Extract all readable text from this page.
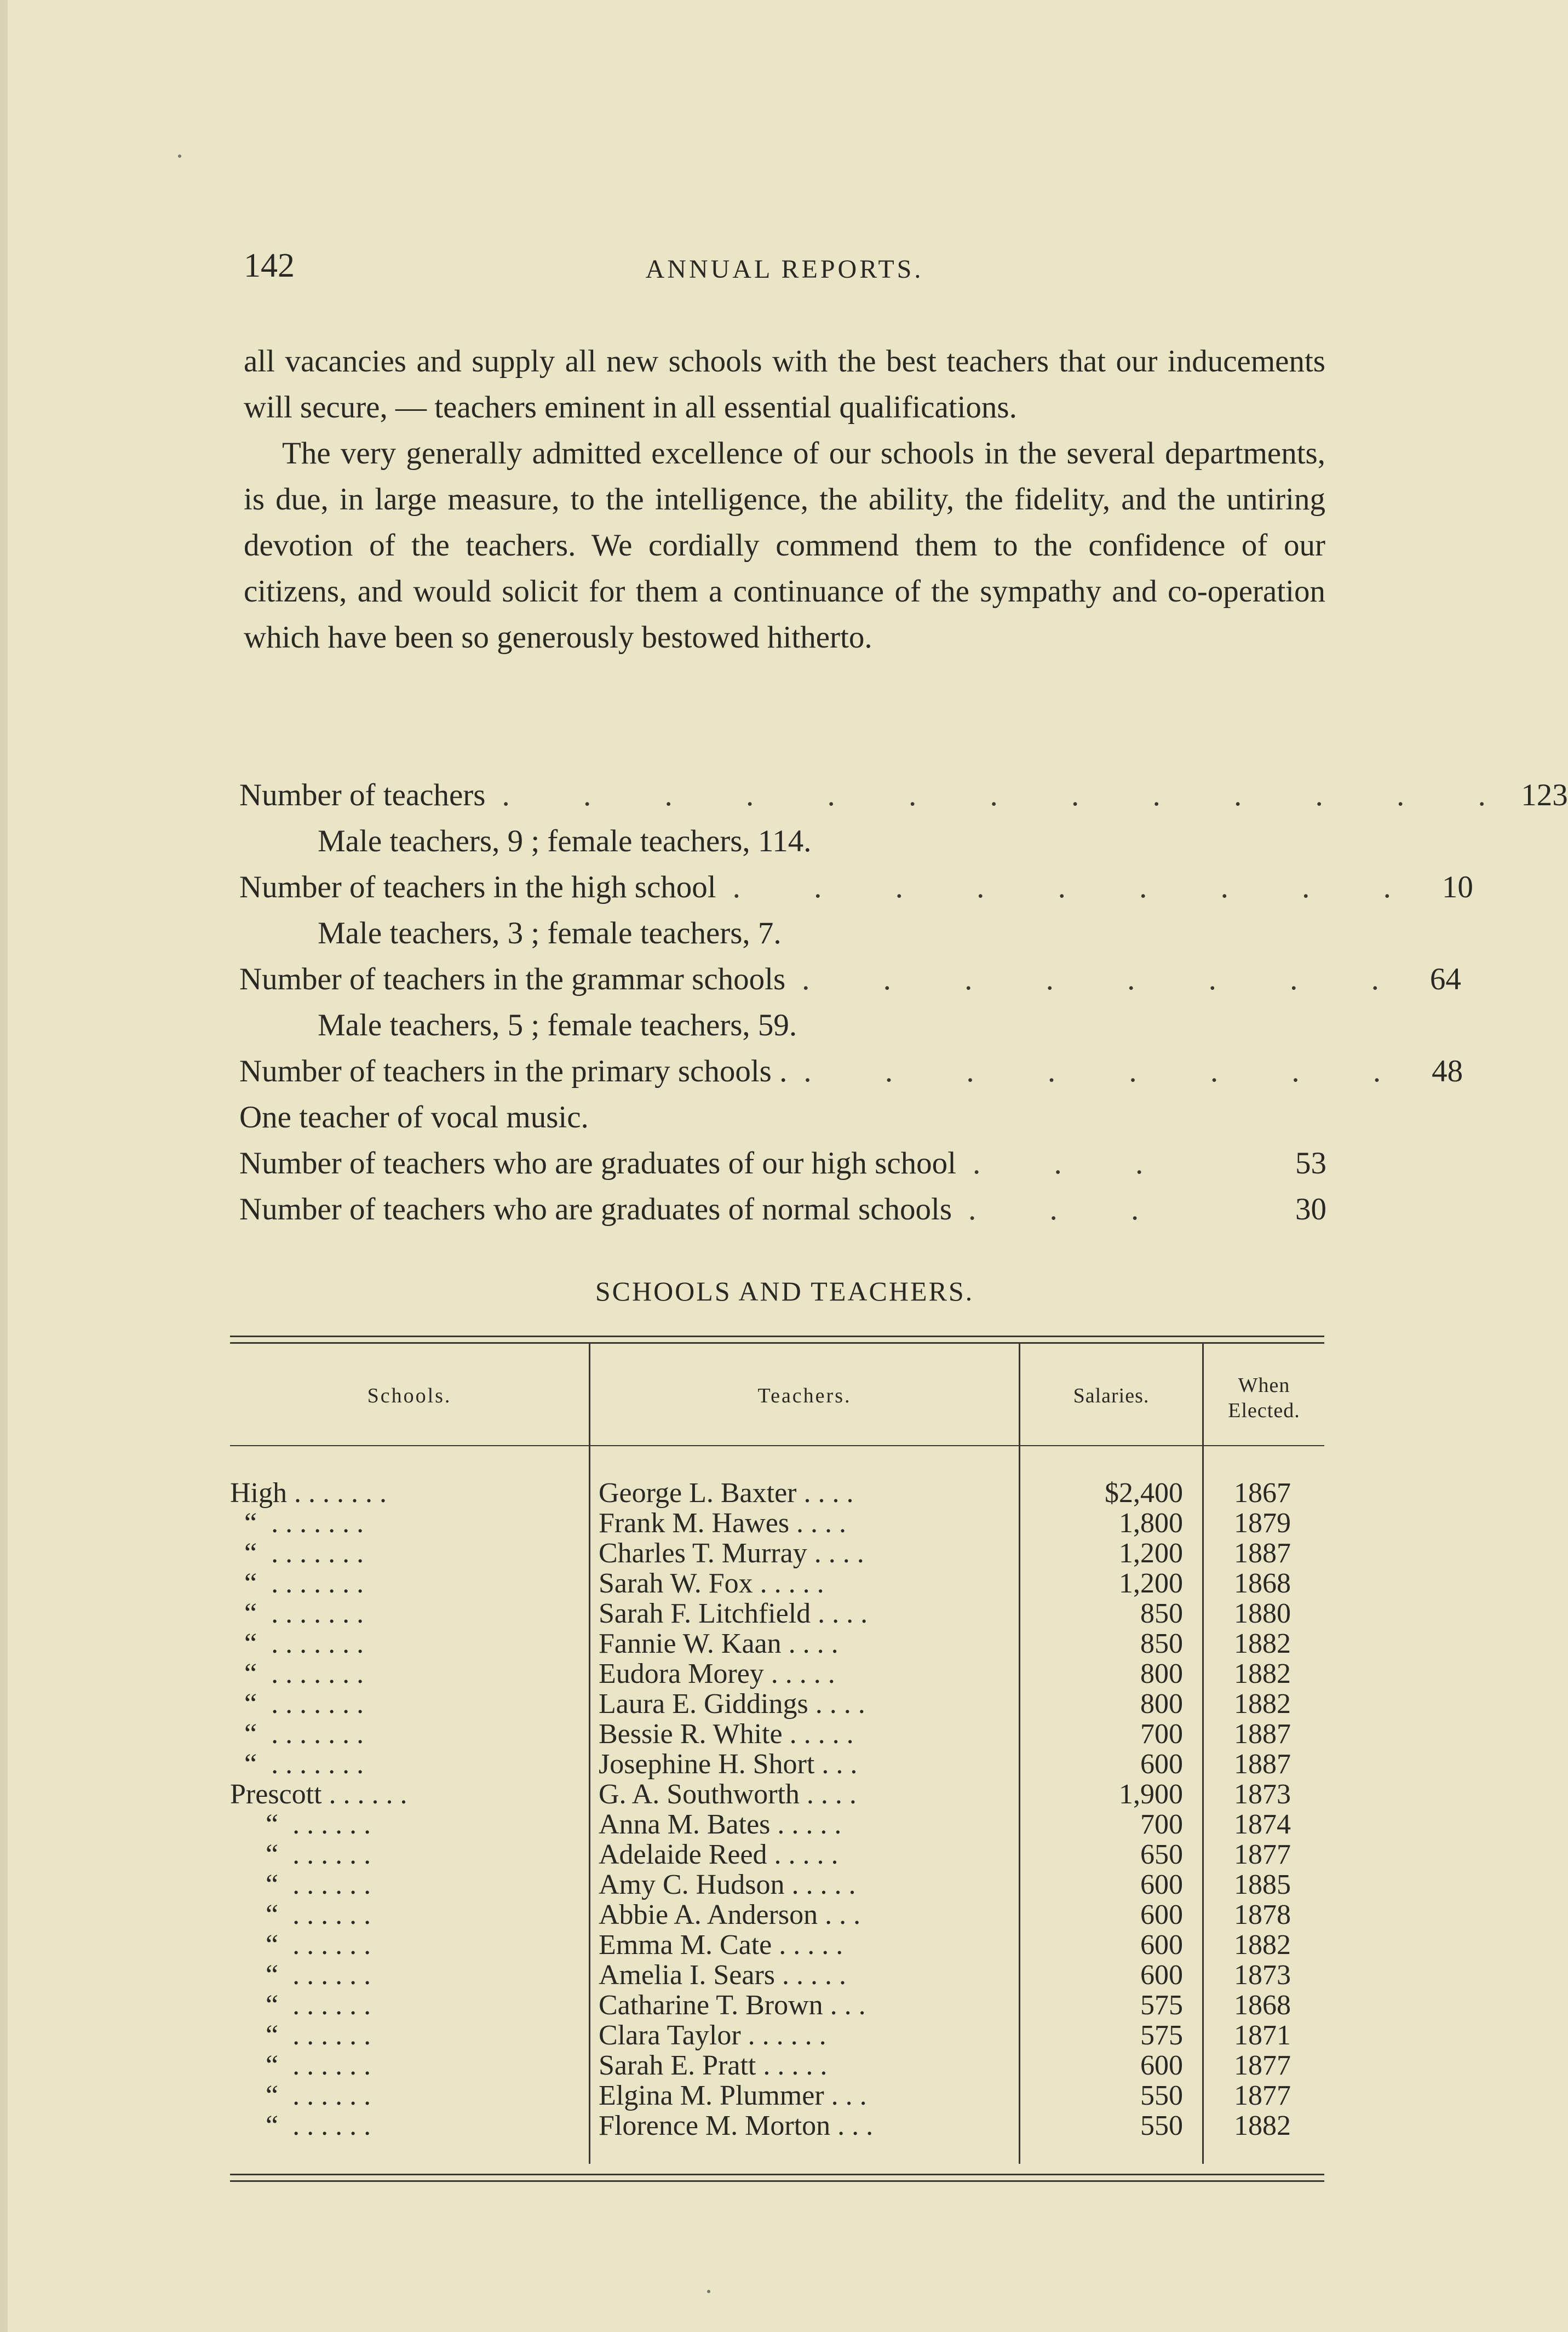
142	ANNUAL REPORTS.

all vacancies and supply all new schools with the best teachers that our inducements will secure, — teachers eminent in all essential qualifications.

The very generally admitted excellence of our schools in the several departments, is due, in large measure, to the intelligence, the ability, the fidelity, and the untiring devotion of the teachers. We cordially commend them to the confidence of our citizens, and would solicit for them a continuance of the sympathy and co-operation which have been so generously bestowed hitherto.

Number of teachers . . . . . . . . . . . . . 123
Male teachers, 9 ; female teachers, 114.
Number of teachers in the high school . . . . . . . . . 10
Male teachers, 3 ; female teachers, 7.
Number of teachers in the grammar schools . . . . . . . . 64
Male teachers, 5 ; female teachers, 59.
Number of teachers in the primary schools . . . . . . . . . 48
One teacher of vocal music.
Number of teachers who are graduates of our high school . . .	53
Number of teachers who are graduates of normal schools . . .	30
SCHOOLS AND TEACHERS.
Schools.	Teachers.	Salaries.	When
Elected.
High . . . . . . .	George L. Baxter . . . .	$2,400	1867
“  . . . . . . .	Frank M. Hawes . . . .	1,800	1879
“  . . . . . . .	Charles T. Murray . . . .	1,200	1887
“  . . . . . . .	Sarah W. Fox . . . . .	1,200	1868
“  . . . . . . .	Sarah F. Litchfield . . . .	850	1880
“  . . . . . . .	Fannie W. Kaan . . . .	850	1882
“  . . . . . . .	Eudora Morey . . . . .	800	1882
“  . . . . . . .	Laura E. Giddings . . . .	800	1882
“  . . . . . . .	Bessie R. White . . . . .	700	1887
“  . . . . . . .	Josephine H. Short . . .	600	1887
Prescott . . . . . .	G. A. Southworth . . . .	1,900	1873
“  . . . . . .	Anna M. Bates . . . . .	700	1874
“  . . . . . .	Adelaide Reed . . . . .	650	1877
“  . . . . . .	Amy C. Hudson . . . . .	600	1885
“  . . . . . .	Abbie A. Anderson . . .	600	1878
“  . . . . . .	Emma M. Cate . . . . .	600	1882
“  . . . . . .	Amelia I. Sears . . . . .	600	1873
“  . . . . . .	Catharine T. Brown . . .	575	1868
“  . . . . . .	Clara Taylor . . . . . .	575	1871
“  . . . . . .	Sarah E. Pratt . . . . .	600	1877
“  . . . . . .	Elgina M. Plummer . . .	550	1877
“  . . . . . .	Florence M. Morton . . .	550	1882
